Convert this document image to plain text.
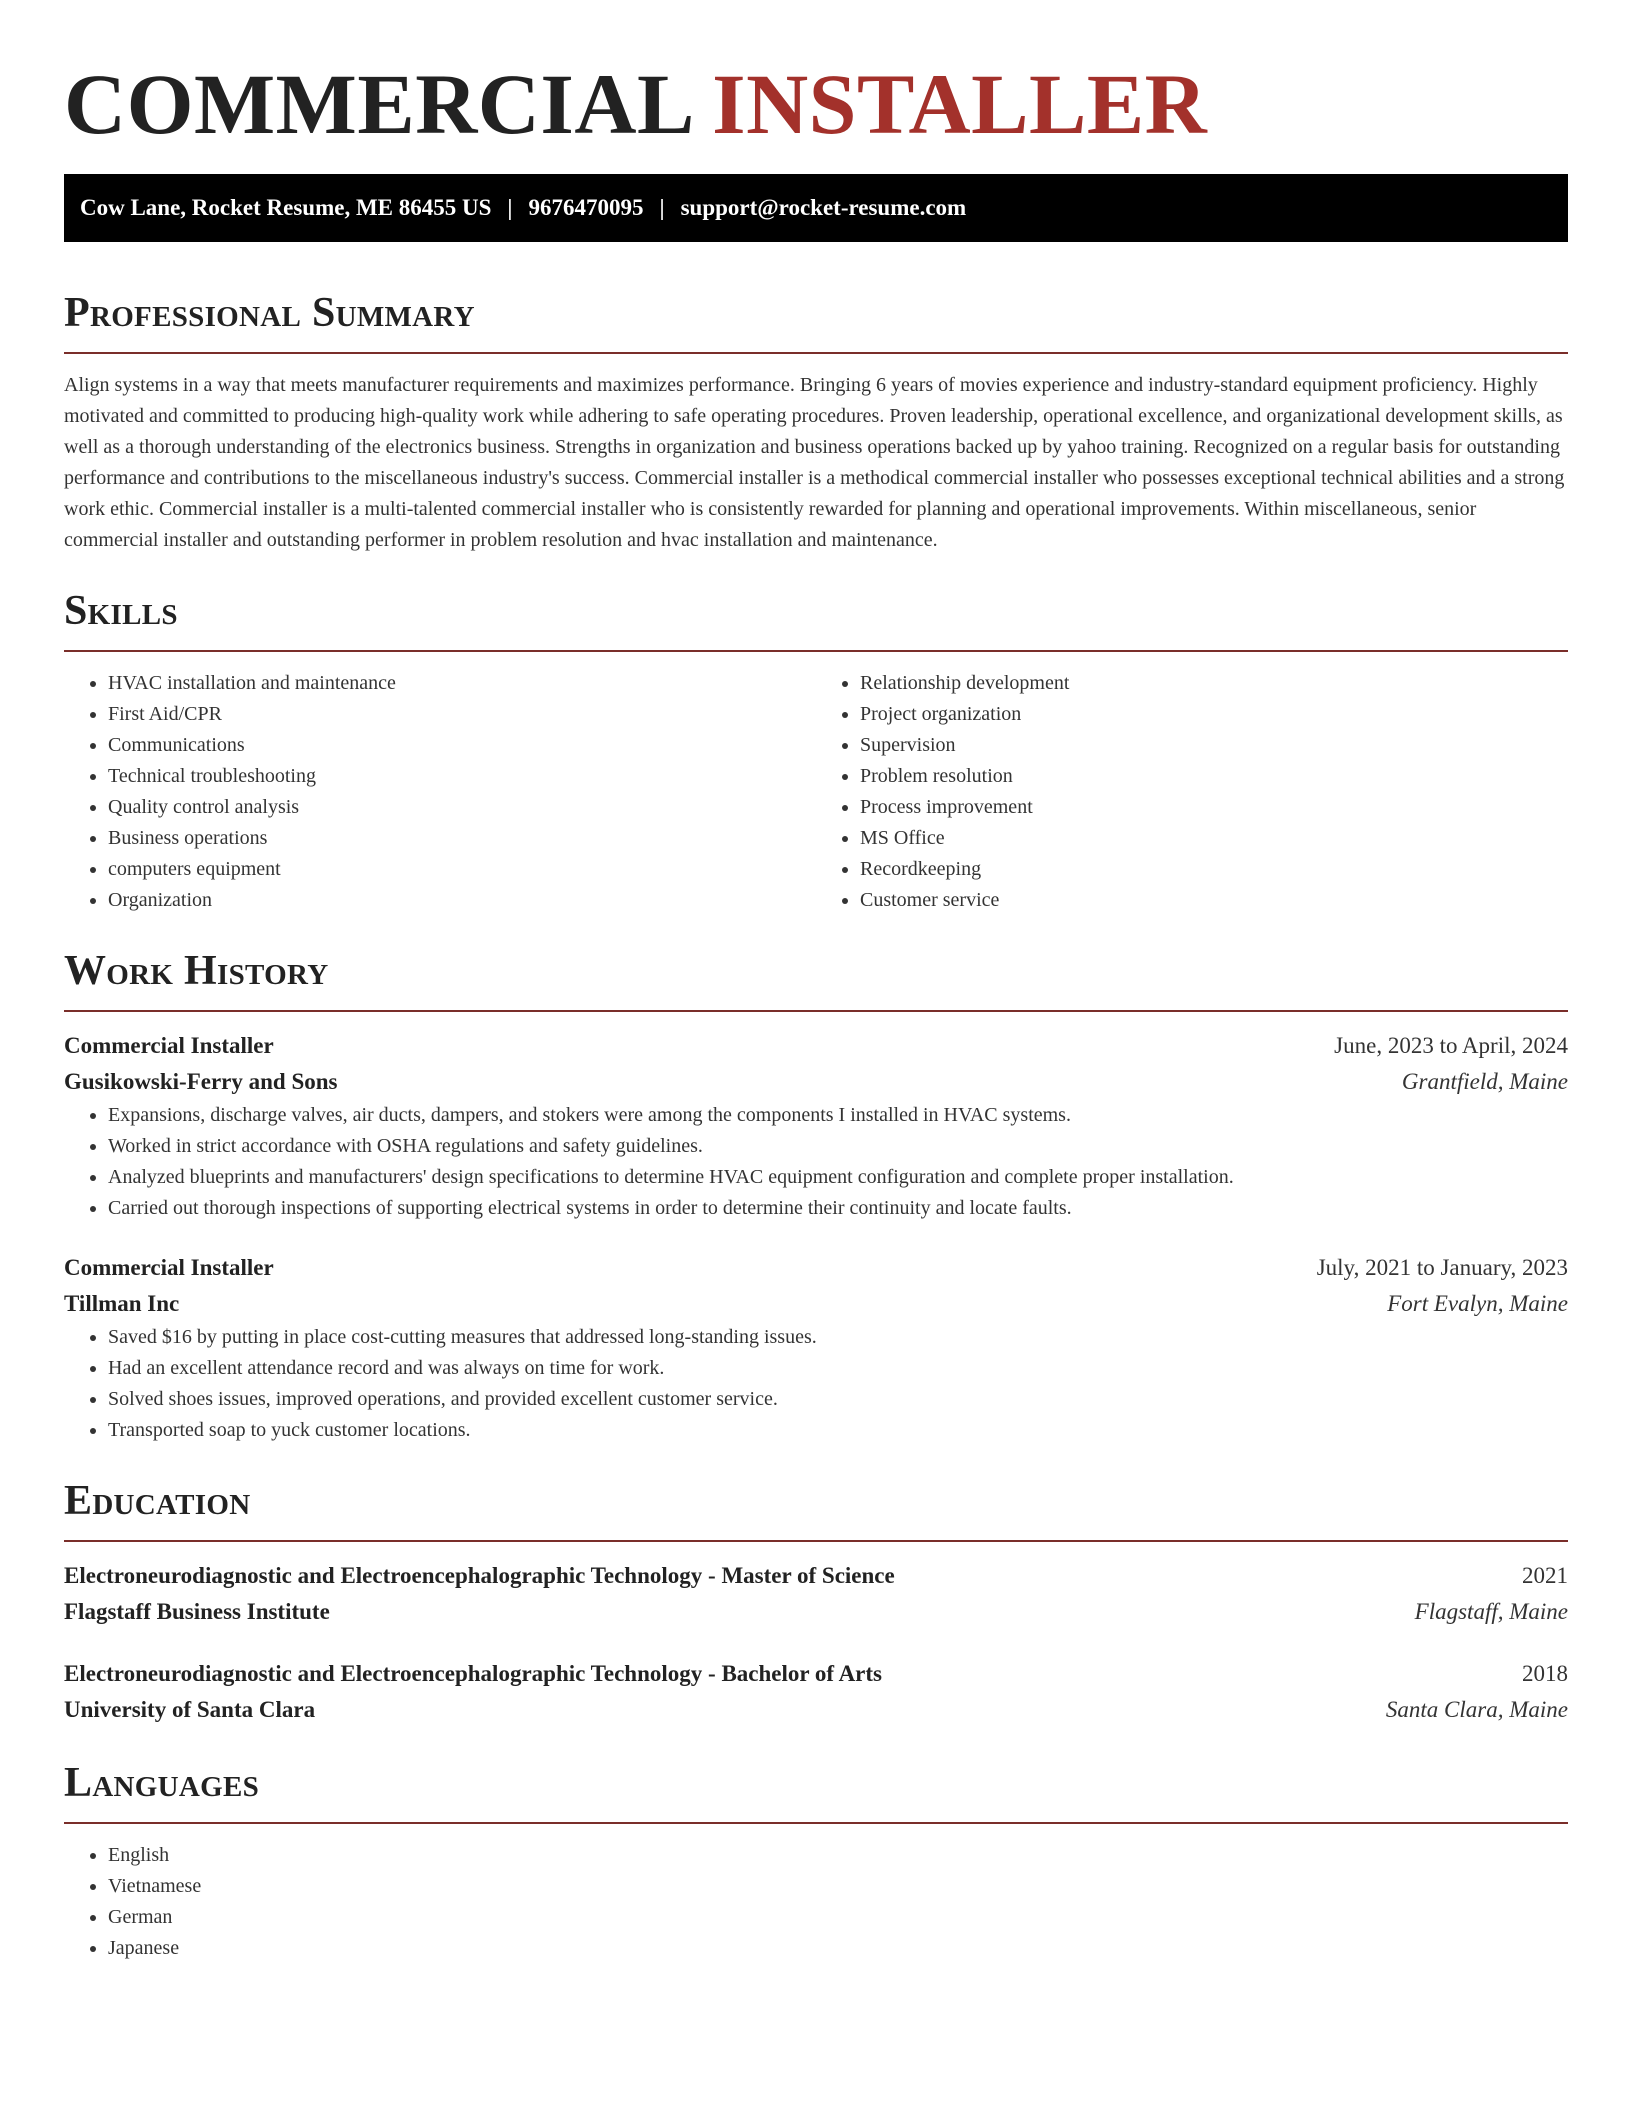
COMMERCIAL INSTALLER
Cow Lane, Rocket Resume, ME 86455 US | 9676470095 | support@rocket-resume.com
Professional Summary

Align systems in a way that meets manufacturer requirements and maximizes performance. Bringing 6 years of movies experience and industry-standard equipment proficiency. Highly motivated and committed to producing high-quality work while adhering to safe operating procedures. Proven leadership, operational excellence, and organizational development skills, as well as a thorough understanding of the electronics business. Strengths in organization and business operations backed up by yahoo training. Recognized on a regular basis for outstanding performance and contributions to the miscellaneous industry's success. Commercial installer is a methodical commercial installer who possesses exceptional technical abilities and a strong work ethic. Commercial installer is a multi-talented commercial installer who is consistently rewarded for planning and operational improvements. Within miscellaneous, senior commercial installer and outstanding performer in problem resolution and hvac installation and maintenance.

Skills
• HVAC installation and maintenance
• First Aid/CPR
• Communications
• Technical troubleshooting
• Quality control analysis
• Business operations
• computers equipment
• Organization
• Relationship development
• Project organization
• Supervision
• Problem resolution
• Process improvement
• MS Office
• Recordkeeping
• Customer service
Work History
Commercial Installer	June, 2023 to April, 2024
Gusikowski-Ferry and Sons	Grantfield, Maine
• Expansions, discharge valves, air ducts, dampers, and stokers were among the components I installed in HVAC systems.
• Worked in strict accordance with OSHA regulations and safety guidelines.
• Analyzed blueprints and manufacturers' design specifications to determine HVAC equipment configuration and complete proper installation.
• Carried out thorough inspections of supporting electrical systems in order to determine their continuity and locate faults.
Commercial Installer	July, 2021 to January, 2023
Tillman Inc	Fort Evalyn, Maine
• Saved $16 by putting in place cost-cutting measures that addressed long-standing issues.
• Had an excellent attendance record and was always on time for work.
• Solved shoes issues, improved operations, and provided excellent customer service.
• Transported soap to yuck customer locations.
Education
Electroneurodiagnostic and Electroencephalographic Technology - Master of Science	2021
Flagstaff Business Institute	Flagstaff, Maine
Electroneurodiagnostic and Electroencephalographic Technology - Bachelor of Arts	2018
University of Santa Clara	Santa Clara, Maine
Languages
• English
• Vietnamese
• German
• Japanese
